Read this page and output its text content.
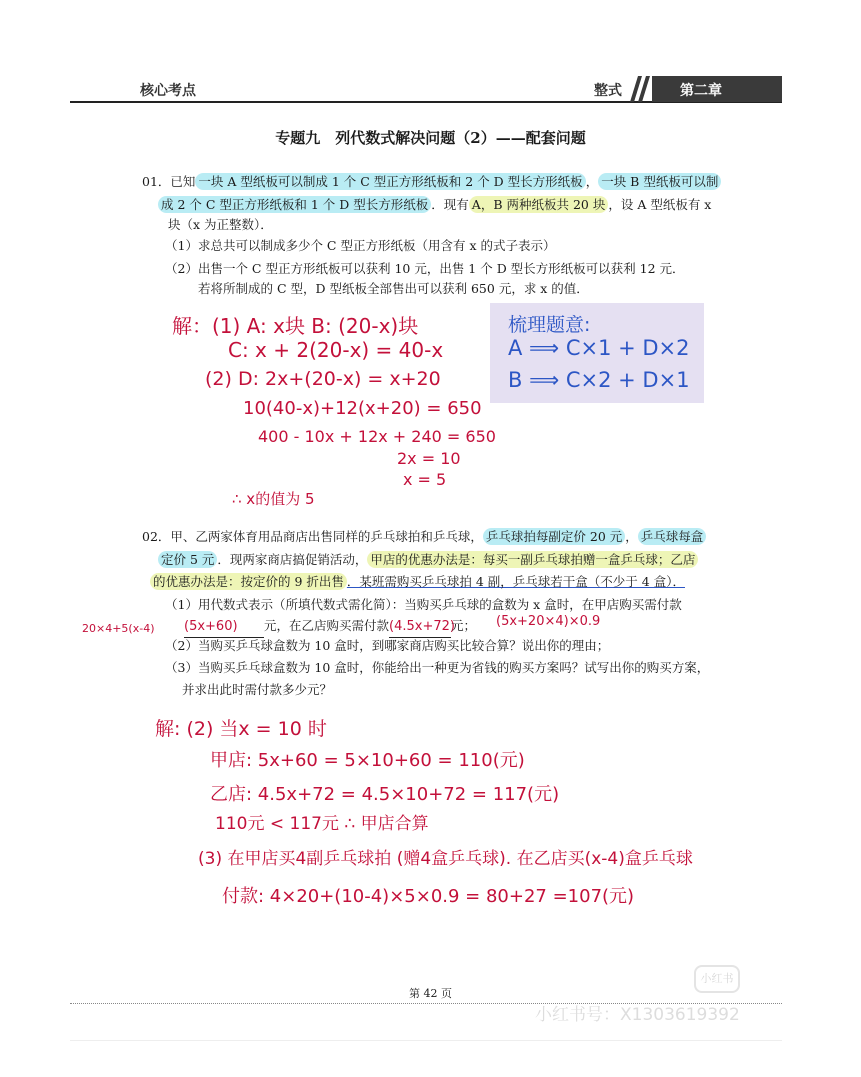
核心考点	整式	第二章
专题九　列代数式解决问题（2）——配套问题
01．已知 一块 A 型纸板可以制成 1 个 C 型正方形纸板和 2 个 D 型长方形纸板 ， 一块 B 型纸板可以制
成 2 个 C 型正方形纸板和 1 个 D 型长方形纸板 ．现有 A，B 两种纸板共 20 块 ，设 A 型纸板有 x
块（x 为正整数）．
（1）求总共可以制成多少个 C 型正方形纸板（用含有 x 的式子表示）
（2）出售一个 C 型正方形纸板可以获利 10 元，出售 1 个 D 型长方形纸板可以获利 12 元．
若将所制成的 C 型，D 型纸板全部售出可以获利 650 元，求 x 的值．
解：(1) A: x块 B: (20-x)块
C: x + 2(20-x) = 40-x
(2) D: 2x+(20-x) = x+20
10(40-x)+12(x+20) = 650
400 - 10x + 12x + 240 = 650
2x = 10
x = 5
∴ x的值为 5
梳理题意:
A ⟹ C×1 + D×2
B ⟹ C×2 + D×1
02．甲、乙两家体育用品商店出售同样的乒乓球拍和乒乓球， 乒乓球拍每副定价 20 元 ， 乒乓球每盒
定价 5 元 ．现两家商店搞促销活动， 甲店的优惠办法是：每买一副乒乓球拍赠一盒乒乓球；乙店
的优惠办法是：按定价的 9 折出售 ．某班需购买乒乓球拍 4 副，乒乓球若干盒（不少于 4 盒）．
（1）用代数式表示（所填代数式需化简）：当购买乒乓球的盒数为 x 盒时，在甲店购买需付款
(5x+60) 元，在乙店购买需付款(4.5x+72)元；
20×4+5(x-4)	(5x+20×4)×0.9
（2）当购买乒乓球盒数为 10 盒时，到哪家商店购买比较合算？说出你的理由；
（3）当购买乒乓球盒数为 10 盒时，你能给出一种更为省钱的购买方案吗？试写出你的购买方案，
并求出此时需付款多少元？
解: (2) 当x = 10 时
甲店: 5x+60 = 5×10+60 = 110(元)
乙店: 4.5x+72 = 4.5×10+72 = 117(元)
110元 < 117元 ∴ 甲店合算
(3) 在甲店买4副乒乓球拍 (赠4盒乒乓球). 在乙店买(x-4)盒乒乓球
付款: 4×20+(10-4)×5×0.9 = 80+27 =107(元)
第 42 页
小红书
小红书号：X1303619392
